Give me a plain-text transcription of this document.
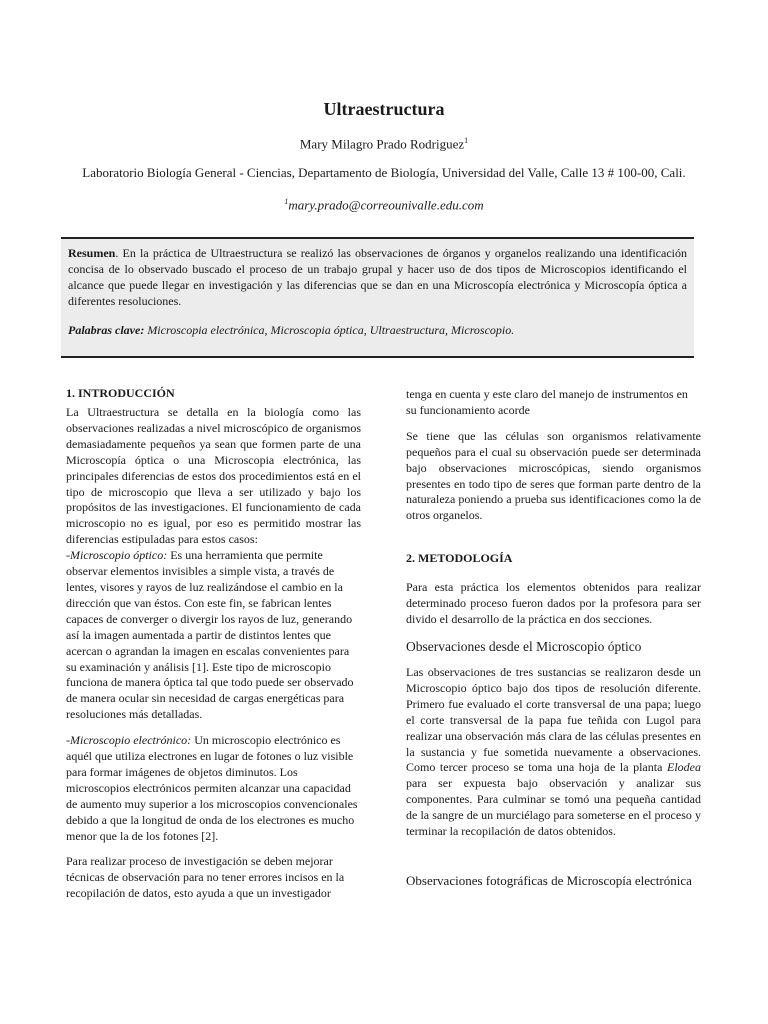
Ultraestructura
Mary Milagro Prado Rodriguez$^1$
Laboratorio Biología General - Ciencias, Departamento de Biología, Universidad del Valle, Calle 13 # 100-00, Cali.
$^1$mary.prado@correounivalle.edu.com

Resumen. En la práctica de Ultraestructura se realizó las observaciones de órganos y organelos realizando una identificación concisa de lo observado buscado el proceso de un trabajo grupal y hacer uso de dos tipos de Microscopios identificando el alcance que puede llegar en investigación y las diferencias que se dan en una Microscopía electrónica y Microscopía óptica a diferentes resoluciones.

Palabras clave: Microscopia electrónica, Microscopia óptica, Ultraestructura, Microscopio.

1. INTRODUCCIÓN

La Ultraestructura se detalla en la biología como las observaciones realizadas a nivel microscópico de organismos demasiadamente pequeños ya sean que formen parte de una Microscopía óptica o una Microscopia electrónica, las principales diferencias de estos dos procedimientos está en el tipo de microscopio que lleva a ser utilizado y bajo los propósitos de las investigaciones. El funcionamiento de cada microscopio no es igual, por eso es permitido mostrar las diferencias estipuladas para estos casos:

-Microscopio óptico: Es una herramienta que permite observar elementos invisibles a simple vista, a través de lentes, visores y rayos de luz realizándose el cambio en la dirección que van éstos. Con este fin, se fabrican lentes capaces de converger o divergir los rayos de luz, generando así la imagen aumentada a partir de distintos lentes que acercan o agrandan la imagen en escalas convenientes para su examinación y análisis [1]. Este tipo de microscopio funciona de manera óptica tal que todo puede ser observado de manera ocular sin necesidad de cargas energéticas para resoluciones más detalladas.

-Microscopio electrónico: Un microscopio electrónico es aquél que utiliza electrones en lugar de fotones o luz visible para formar imágenes de objetos diminutos. Los microscopios electrónicos permiten alcanzar una capacidad de aumento muy superior a los microscopios convencionales debido a que la longitud de onda de los electrones es mucho menor que la de los fotones [2].

Para realizar proceso de investigación se deben mejorar técnicas de observación para no tener errores incisos en la recopilación de datos, esto ayuda a que un investigador

tenga en cuenta y este claro del manejo de instrumentos en su funcionamiento acorde

Se tiene que las células son organismos relativamente pequeños para el cual su observación puede ser determinada bajo observaciones microscópicas, siendo organismos presentes en todo tipo de seres que forman parte dentro de la naturaleza poniendo a prueba sus identificaciones como la de otros organelos.

2. METODOLOGÍA

Para esta práctica los elementos obtenidos para realizar determinado proceso fueron dados por la profesora para ser divido el desarrollo de la práctica en dos secciones.

Observaciones desde el Microscopio óptico

Las observaciones de tres sustancias se realizaron desde un Microscopio óptico bajo dos tipos de resolución diferente. Primero fue evaluado el corte transversal de una papa; luego el corte transversal de la papa fue teñida con Lugol para realizar una observación más clara de las células presentes en la sustancia y fue sometida nuevamente a observaciones. Como tercer proceso se toma una hoja de la planta Elodea para ser expuesta bajo observación y analizar sus componentes. Para culminar se tomó una pequeña cantidad de la sangre de un murciélago para someterse en el proceso y terminar la recopilación de datos obtenidos.

Observaciones fotográficas de Microscopía electrónica
